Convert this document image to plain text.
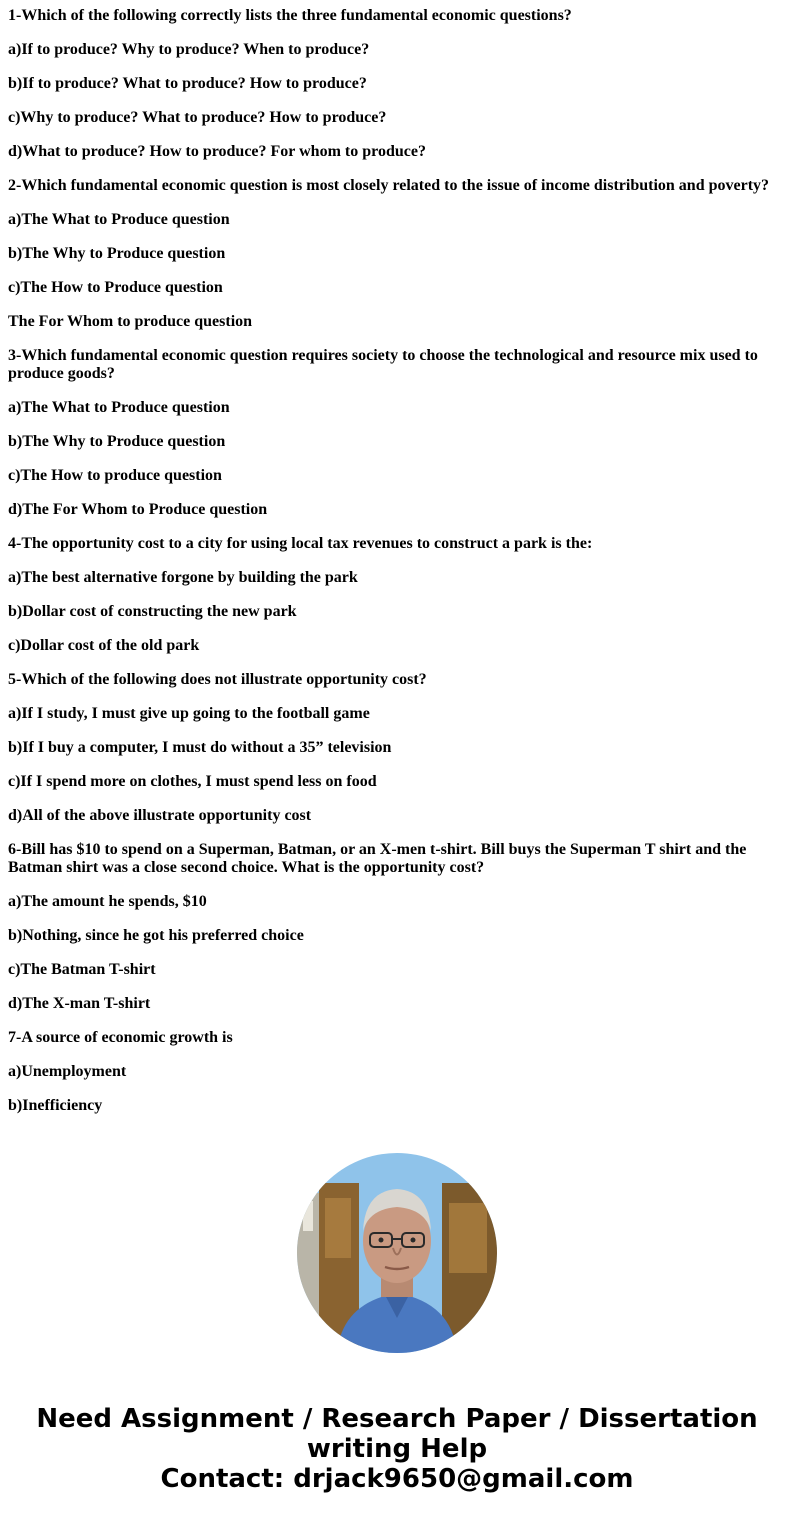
1-Which of the following correctly lists the three fundamental economic questions?

a)If to produce? Why to produce? When to produce?

b)If to produce? What to produce? How to produce?

c)Why to produce? What to produce? How to produce?

d)What to produce? How to produce? For whom to produce?

2-Which fundamental economic question is most closely related to the issue of income distribution and poverty?

a)The What to Produce question

b)The Why to Produce question

c)The How to Produce question

The For Whom to produce question

3-Which fundamental economic question requires society to choose the technological and resource mix used to produce goods?

a)The What to Produce question

b)The Why to Produce question

c)The How to produce question

d)The For Whom to Produce question

4-The opportunity cost to a city for using local tax revenues to construct a park is the:

a)The best alternative forgone by building the park

b)Dollar cost of constructing the new park

c)Dollar cost of the old park

5-Which of the following does not illustrate opportunity cost?

a)If I study, I must give up going to the football game

b)If I buy a computer, I must do without a 35” television

c)If I spend more on clothes, I must spend less on food

d)All of the above illustrate opportunity cost

6-Bill has $10 to spend on a Superman, Batman, or an X-men t-shirt. Bill buys the Superman T shirt and the Batman shirt was a close second choice. What is the opportunity cost?

a)The amount he spends, $10

b)Nothing, since he got his preferred choice

c)The Batman T-shirt

d)The X-man T-shirt

7-A source of economic growth is

a)Unemployment

b)Inefficiency

Need Assignment / Research Paper / Dissertation
writing Help
Contact: drjack9650@gmail.com
